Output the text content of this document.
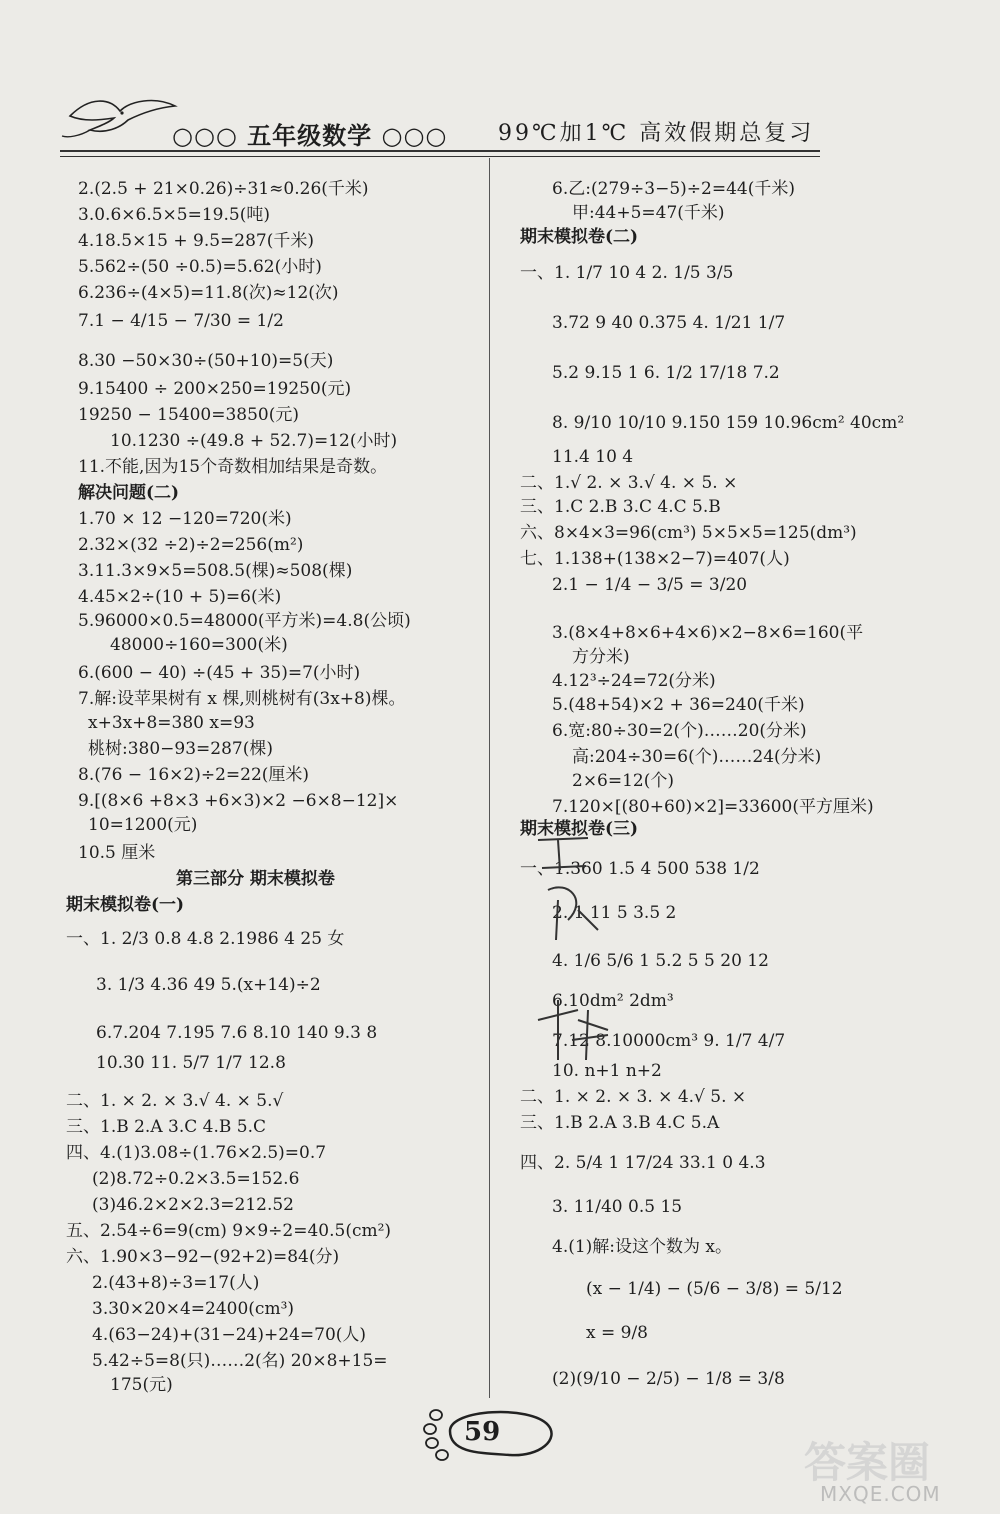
○○○ 五年级数学 ○○○ 99℃加1℃ 高效假期总复习
2.(2.5 + 21×0.26)÷31≈0.26(千米)
3.0.6×6.5×5=19.5(吨)
4.18.5×15 + 9.5=287(千米)
5.562÷(50 ÷0.5)=5.62(小时)
6.236÷(4×5)=11.8(次)≈12(次)
7.1 − 4/15 − 7/30 = 1/2
8.30 −50×30÷(50+10)=5(天)
9.15400 ÷ 200×250=19250(元)
19250 − 15400=3850(元)
10.1230 ÷(49.8 + 52.7)=12(小时)
11.不能,因为15个奇数相加结果是奇数。
解决问题(二)
1.70 × 12 −120=720(米)
2.32×(32 ÷2)÷2=256(m²)
3.11.3×9×5=508.5(棵)≈508(棵)
4.45×2÷(10 + 5)=6(米)
5.96000×0.5=48000(平方米)=4.8(公顷)
48000÷160=300(米)
6.(600 − 40) ÷(45 + 35)=7(小时)
7.解:设苹果树有 x 棵,则桃树有(3x+8)棵。
x+3x+8=380 x=93
桃树:380−93=287(棵)
8.(76 − 16×2)÷2=22(厘米)
9.[(8×6 +8×3 +6×3)×2 −6×8−12]×
10=1200(元)
10.5 厘米
第三部分 期末模拟卷
期末模拟卷(一)
一、1. 2/3 0.8 4.8 2.1986 4 25 女
3. 1/3 4.36 49 5.(x+14)÷2
6.7.204 7.195 7.6 8.10 140 9.3 8
10.30 11. 5/7 1/7 12.8
二、1. × 2. × 3.√ 4. × 5.√
三、1.B 2.A 3.C 4.B 5.C
四、4.(1)3.08÷(1.76×2.5)=0.7
(2)8.72÷0.2×3.5=152.6
(3)46.2×2×2.3=212.52
五、2.54÷6=9(cm) 9×9÷2=40.5(cm²)
六、1.90×3−92−(92+2)=84(分)
2.(43+8)÷3=17(人)
3.30×20×4=2400(cm³)
4.(63−24)+(31−24)+24=70(人)
5.42÷5=8(只)……2(名) 20×8+15=
175(元)
6.乙:(279÷3−5)÷2=44(千米)
甲:44+5=47(千米)
期末模拟卷(二)
一、1. 1/7 10 4 2. 1/5 3/5
3.72 9 40 0.375 4. 1/21 1/7
5.2 9.15 1 6. 1/2 17/18 7.2
8. 9/10 10/10 9.150 159 10.96cm² 40cm²
11.4 10 4
二、1.√ 2. × 3.√ 4. × 5. ×
三、1.C 2.B 3.C 4.C 5.B
六、8×4×3=96(cm³) 5×5×5=125(dm³)
七、1.138+(138×2−7)=407(人)
2.1 − 1/4 − 3/5 = 3/20
3.(8×4+8×6+4×6)×2−8×6=160(平
方分米)
4.12³÷24=72(分米)
5.(48+54)×2 + 36=240(千米)
6.宽:80÷30=2(个)……20(分米)
高:204÷30=6(个)……24(分米)
2×6=12(个)
7.120×[(80+60)×2]=33600(平方厘米)
期末模拟卷(三)
一、1.360 1.5 4 500 538 1/2
2. 1 11 5 3.5 2
4. 1/6 5/6 1 5.2 5 5 20 12
6.10dm² 2dm³
7.12 8.10000cm³ 9. 1/7 4/7
10. n+1 n+2
二、1. × 2. × 3. × 4.√ 5. ×
三、1.B 2.A 3.B 4.C 5.A
四、2. 5/4 1 17/24 33.1 0 4.3
3. 11/40 0.5 15
4.(1)解:设这个数为 x。
(x − 1/4) − (5/6 − 3/8) = 5/12
x = 9/8
(2)(9/10 − 2/5) − 1/8 = 3/8
59
答案圈
MXQE.COM
